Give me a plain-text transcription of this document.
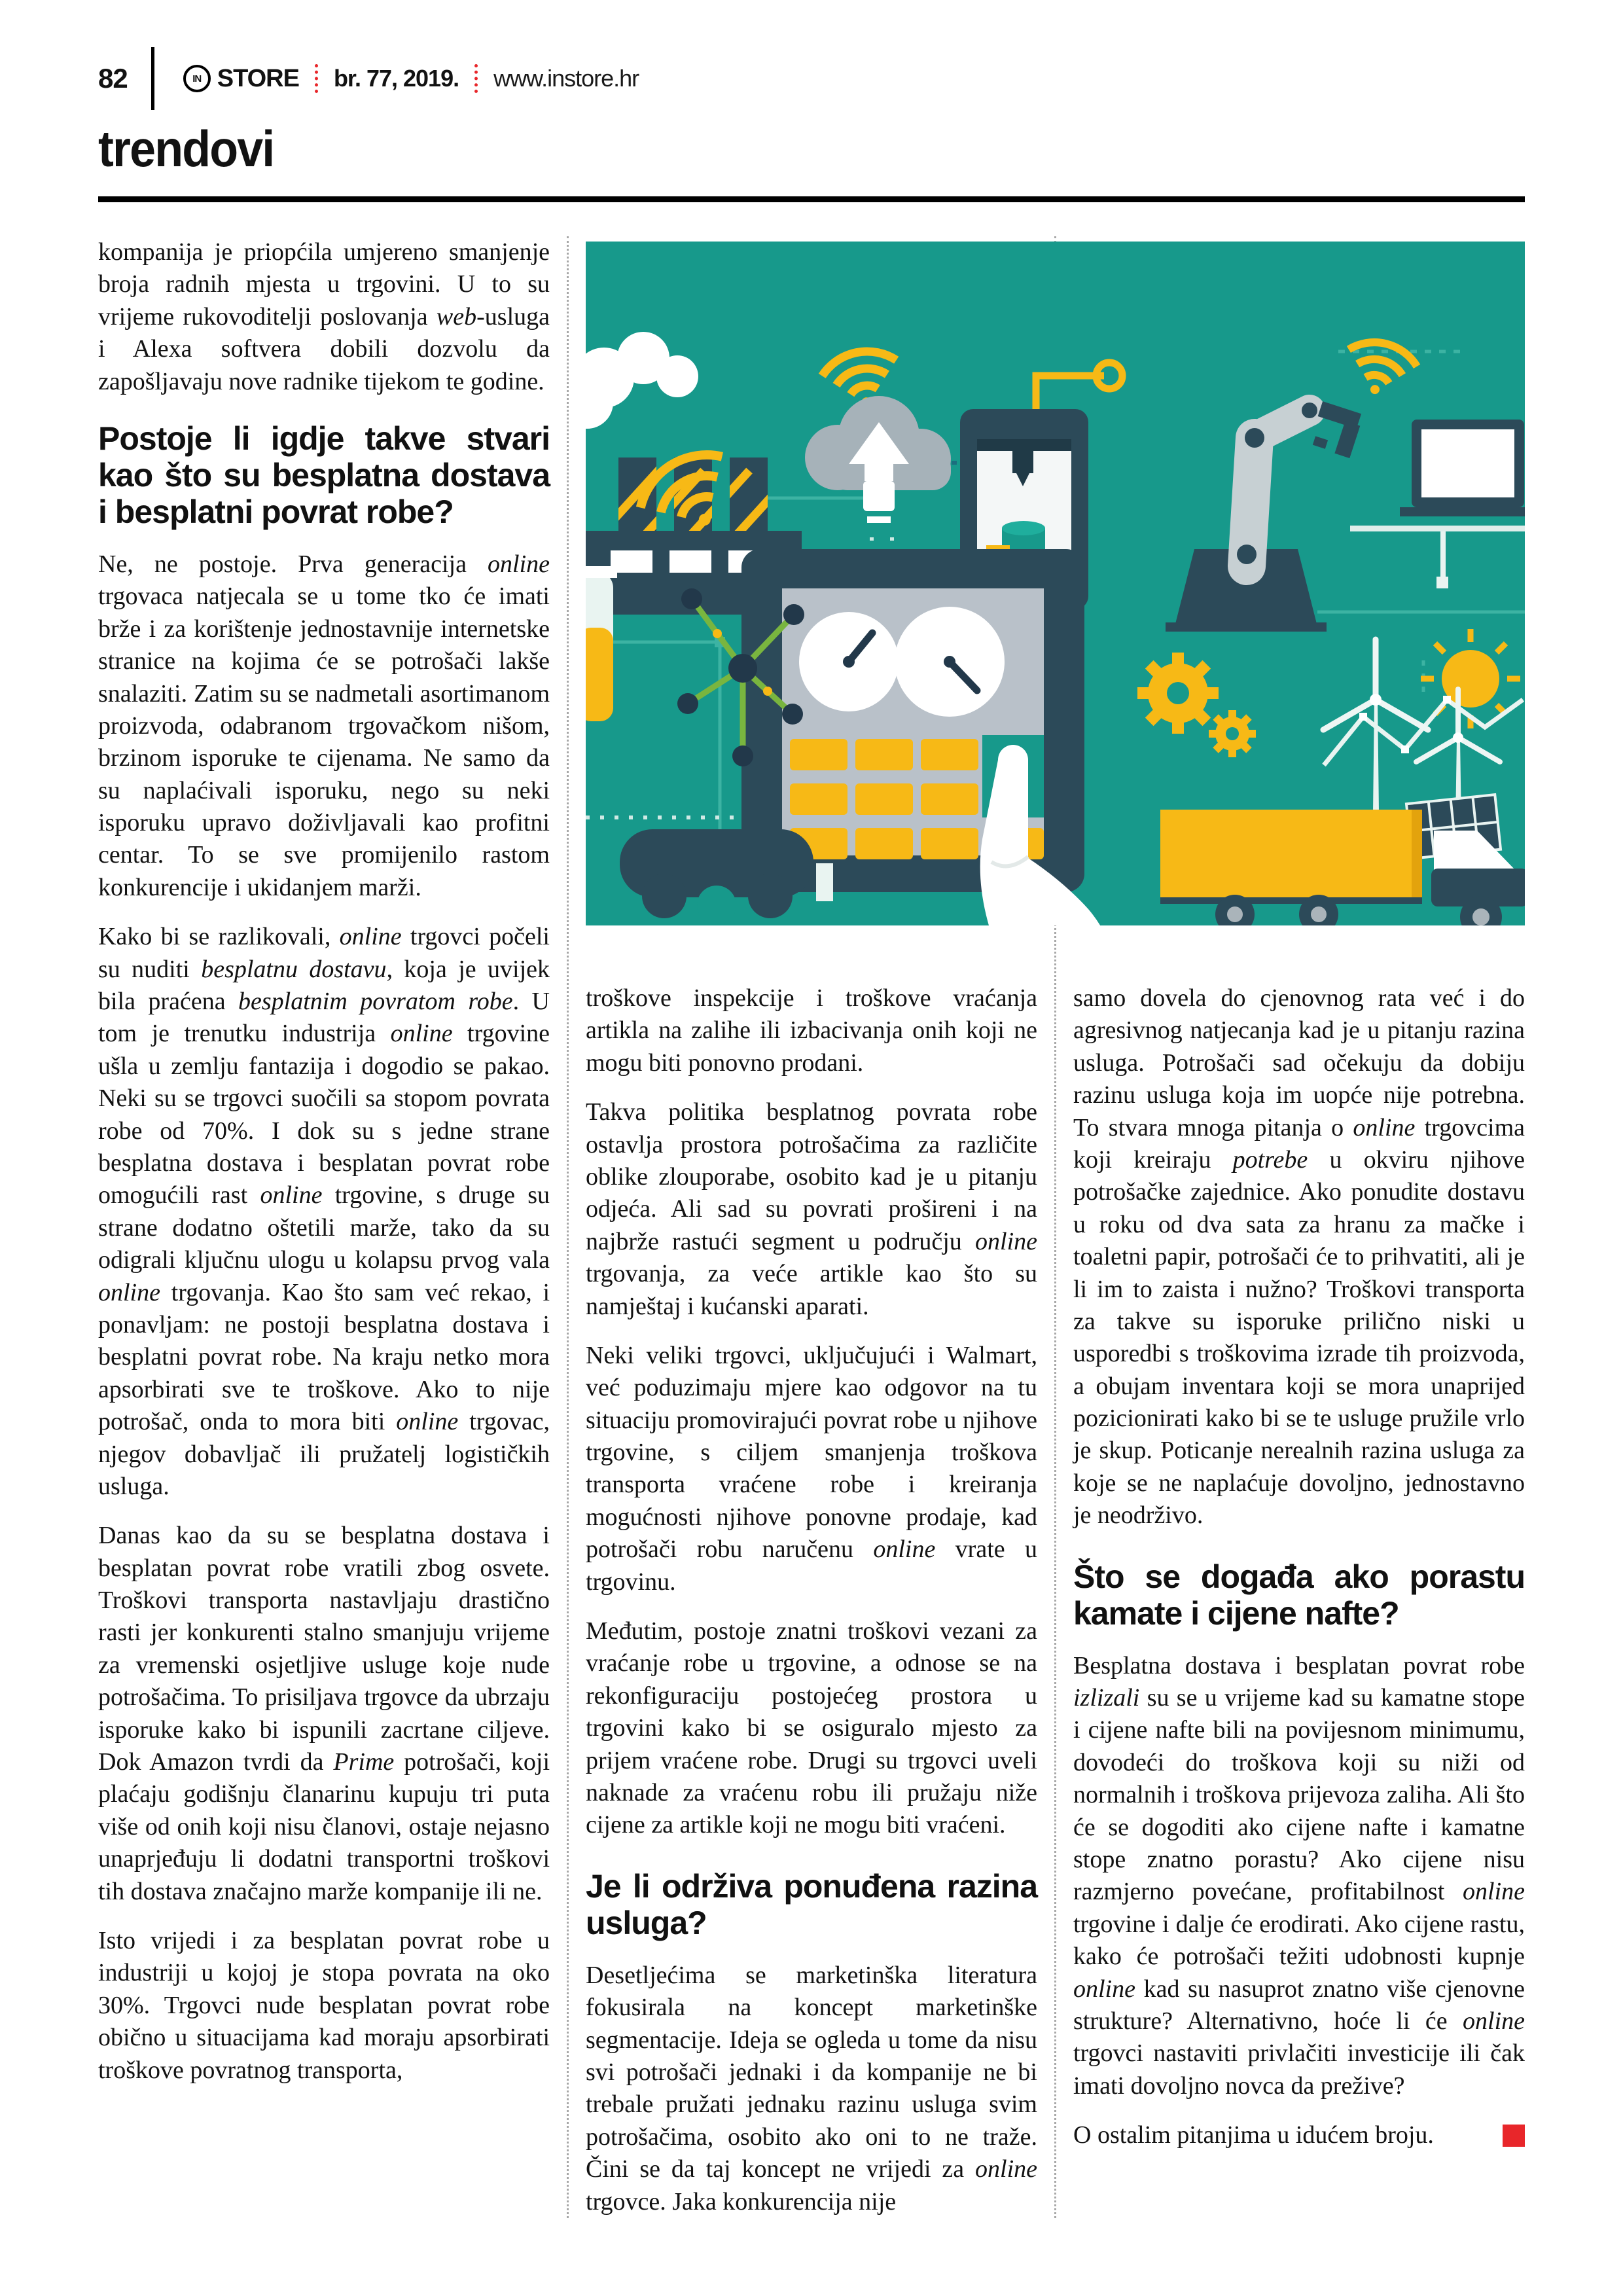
82	IN STORE br. 77, 2019. www.instore.hr
trendovi

kompanija je priopćila umjereno smanjenje broja radnih mjesta u trgovini. U to su vrijeme rukovoditelji poslovanja web-usluga i Alexa softvera dobili dozvolu da zapošljavaju nove radnike tijekom te godine.

Postoje li igdje takve stvari kao što su besplatna dostava i besplatni povrat robe?

Ne, ne postoje. Prva generacija online trgovaca natjecala se u tome tko će imati brže i za korištenje jednostavnije internetske stranice na kojima će se potrošači lakše snalaziti. Zatim su se nadmetali asortimanom proizvoda, odabranom trgovačkom nišom, brzinom isporuke te cijenama. Ne samo da su naplaćivali isporuku, nego su neki isporuku upravo doživljavali kao profitni centar. To se sve promijenilo rastom konkurencije i ukidanjem marži.

Kako bi se razlikovali, online trgovci počeli su nuditi besplatnu dostavu, koja je uvijek bila praćena besplatnim povratom robe. U tom je trenutku industrija online trgovine ušla u zemlju fantazija i dogodio se pakao. Neki su se trgovci suočili sa stopom povrata robe od 70%. I dok su s jedne strane besplatna dostava i besplatan povrat robe omogućili rast online trgovine, s druge su strane dodatno oštetili marže, tako da su odigrali ključnu ulogu u kolapsu prvog vala online trgovanja. Kao što sam već rekao, i ponavljam: ne postoji besplatna dostava i besplatni povrat robe. Na kraju netko mora apsorbirati sve te troškove. Ako to nije potrošač, onda to mora biti online trgovac, njegov dobavljač ili pružatelj logističkih usluga.

Danas kao da su se besplatna dostava i besplatan povrat robe vratili zbog osvete. Troškovi transporta nastavljaju drastično rasti jer konkurenti stalno smanjuju vrijeme za vremenski osjetljive usluge koje nude potrošačima. To prisiljava trgovce da ubrzaju isporuke kako bi ispunili zacrtane ciljeve. Dok Amazon tvrdi da Prime potrošači, koji plaćaju godišnju članarinu kupuju tri puta više od onih koji nisu članovi, ostaje nejasno unaprjeđuju li dodatni transportni troškovi tih dostava značajno marže kompanije ili ne.

Isto vrijedi i za besplatan povrat robe u industriji u kojoj je stopa povrata na oko 30%. Trgovci nude besplatan povrat robe obično u situacijama kad moraju apsorbirati troškove povratnog transporta,

troškove inspekcije i troškove vraćanja artikla na zalihe ili izbacivanja onih koji ne mogu biti ponovno prodani.

Takva politika besplatnog povrata robe ostavlja prostora potrošačima za različite oblike zlouporabe, osobito kad je u pitanju odjeća. Ali sad su povrati prošireni i na najbrže rastući segment u području online trgovanja, za veće artikle kao što su namještaj i kućanski aparati.

Neki veliki trgovci, uključujući i Walmart, već poduzimaju mjere kao odgovor na tu situaciju promovirajući povrat robe u njihove trgovine, s ciljem smanjenja troškova transporta vraćene robe i kreiranja mogućnosti njihove ponovne prodaje, kad potrošači robu naručenu online vrate u trgovinu.

Međutim, postoje znatni troškovi vezani za vraćanje robe u trgovine, a odnose se na rekonfiguraciju postojećeg prostora u trgovini kako bi se osiguralo mjesto za prijem vraćene robe. Drugi su trgovci uveli naknade za vraćenu robu ili pružaju niže cijene za artikle koji ne mogu biti vraćeni.

Je li održiva ponuđena razina usluga?

Desetljećima se marketinška literatura fokusirala na koncept marketinške segmentacije. Ideja se ogleda u tome da nisu svi potrošači jednaki i da kompanije ne bi trebale pružati jednaku razinu usluga svim potrošačima, osobito ako oni to ne traže. Čini se da taj koncept ne vrijedi za online trgovce. Jaka konkurencija nije

samo dovela do cjenovnog rata već i do agresivnog natjecanja kad je u pitanju razina usluga. Potrošači sad očekuju da dobiju razinu usluga koja im uopće nije potrebna. To stvara mnoga pitanja o online trgovcima koji kreiraju potrebe u okviru njihove potrošačke zajednice. Ako ponudite dostavu u roku od dva sata za hranu za mačke i toaletni papir, potrošači će to prihvatiti, ali je li im to zaista i nužno? Troškovi transporta za takve su isporuke prilično niski u usporedbi s troškovima izrade tih proizvoda, a obujam inventara koji se mora unaprijed pozicionirati kako bi se te usluge pružile vrlo je skup. Poticanje nerealnih razina usluga za koje se ne naplaćuje dovoljno, jednostavno je neodrživo.

Što se događa ako porastu kamate i cijene nafte?

Besplatna dostava i besplatan povrat robe izlizali su se u vrijeme kad su kamatne stope i cijene nafte bili na povijesnom minimumu, dovodeći do troškova koji su niži od normalnih i troškova prijevoza zaliha. Ali što će se dogoditi ako cijene nafte i kamatne stope znatno porastu? Ako cijene nisu razmjerno povećane, profitabilnost online trgovine i dalje će erodirati. Ako cijene rastu, kako će potrošači težiti udobnosti kupnje online kad su nasuprot znatno više cjenovne strukture? Alternativno, hoće li će online trgovci nastaviti privlačiti investicije ili čak imati dovoljno novca da prežive?

O ostalim pitanjima u idućem broju.
